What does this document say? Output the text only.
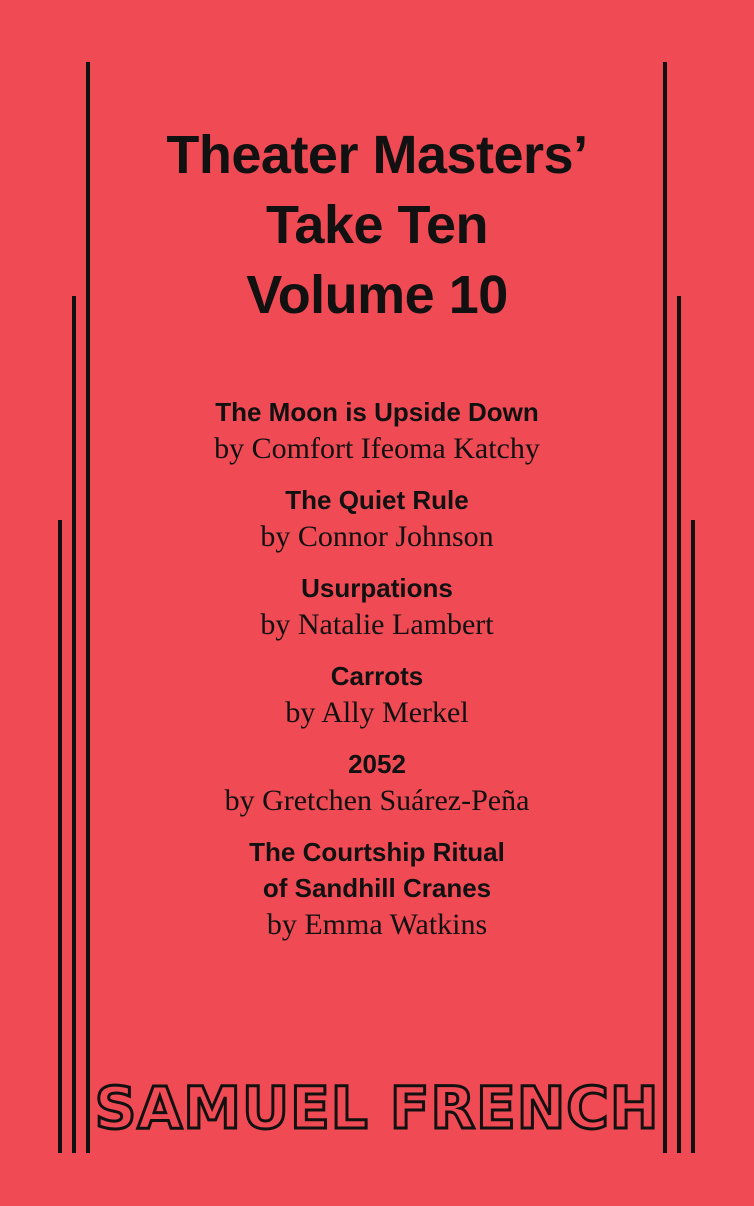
Theater Masters’
Take Ten
Volume 10
The Moon is Upside Down
by Comfort Ifeoma Katchy
The Quiet Rule
by Connor Johnson
Usurpations
by Natalie Lambert
Carrots
by Ally Merkel
2052
by Gretchen Suárez-Peña
The Courtship Ritual
of Sandhill Cranes
by Emma Watkins
SAMUEL FRENCH
